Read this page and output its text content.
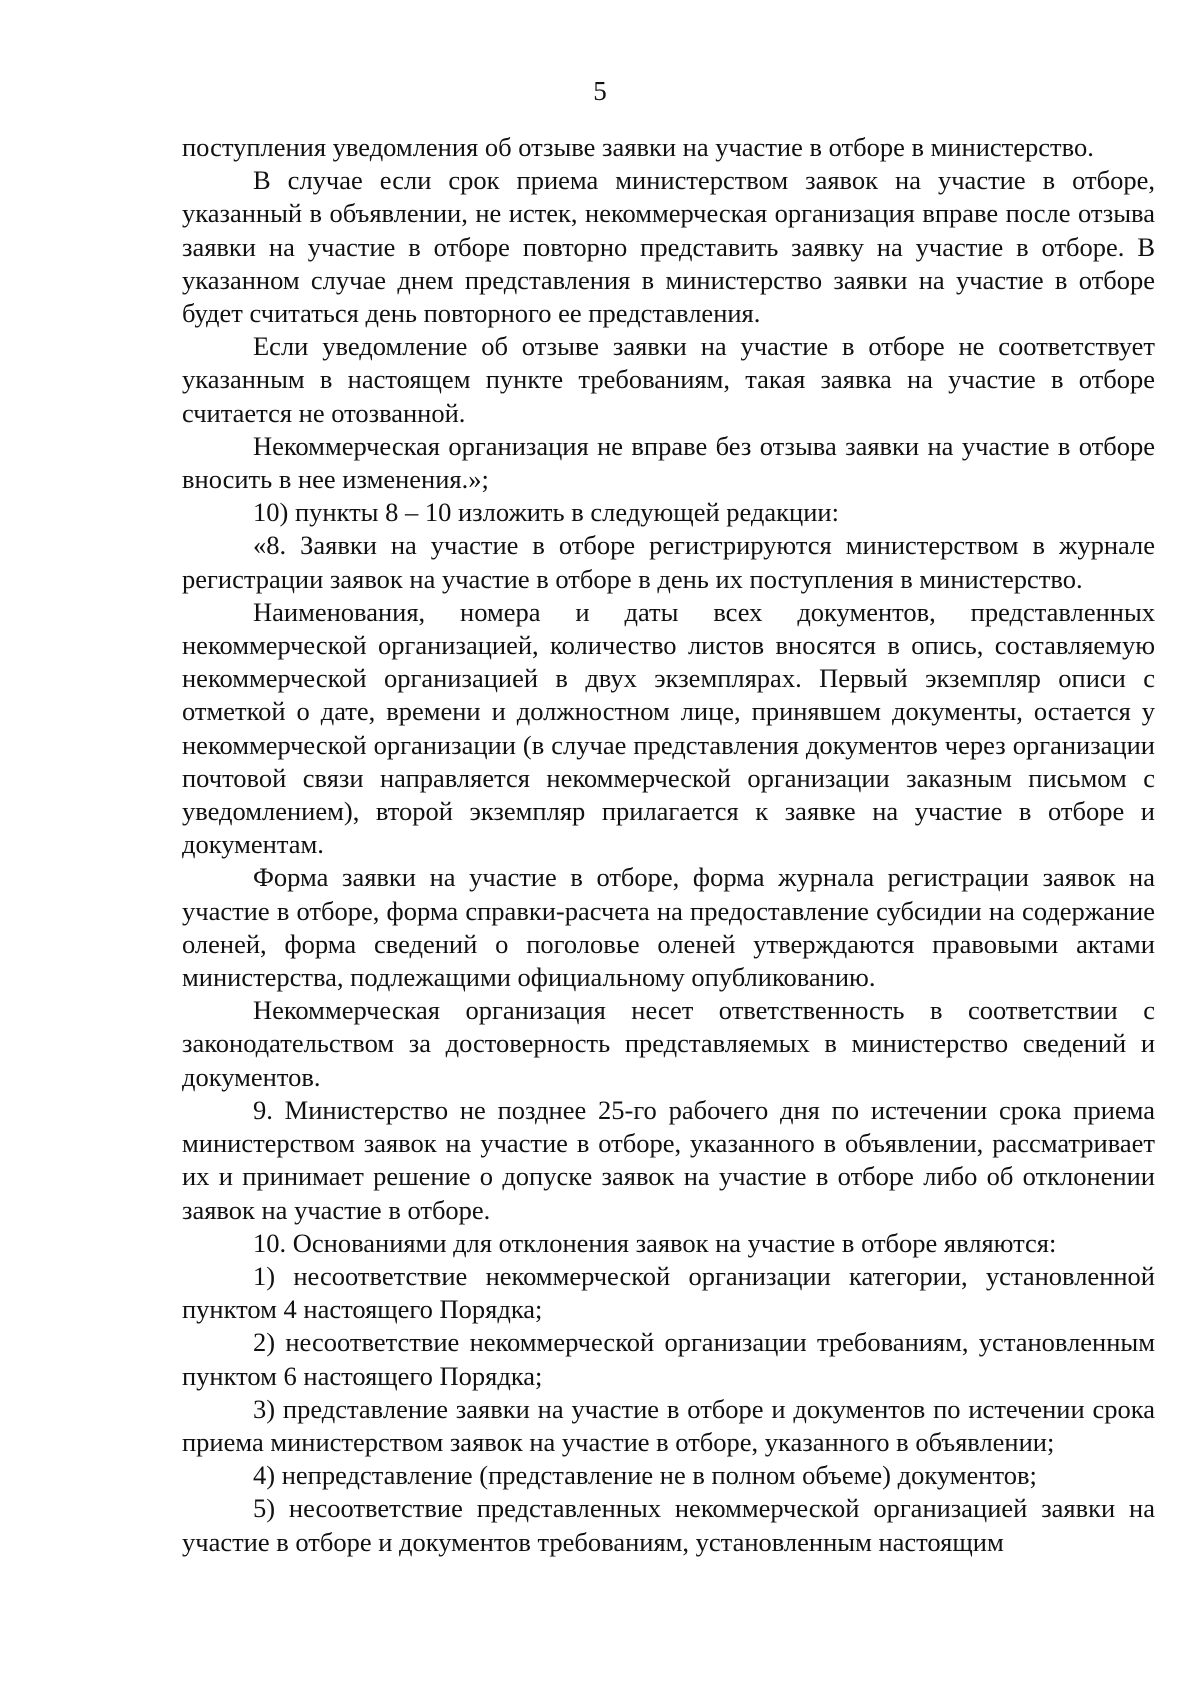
5

поступления уведомления об отзыве заявки на участие в отборе в министерство.

В случае если срок приема министерством заявок на участие в отборе, указанный в объявлении, не истек, некоммерческая организация вправе после отзыва заявки на участие в отборе повторно представить заявку на участие в отборе. В указанном случае днем представления в министерство заявки на участие в отборе будет считаться день повторного ее представления.

Если уведомление об отзыве заявки на участие в отборе не соответствует указанным в настоящем пункте требованиям, такая заявка на участие в отборе считается не отозванной.

Некоммерческая организация не вправе без отзыва заявки на участие в отборе вносить в нее изменения.»;

10) пункты 8 – 10 изложить в следующей редакции:

«8. Заявки на участие в отборе регистрируются министерством в журнале регистрации заявок на участие в отборе в день их поступления в министерство.

Наименования, номера и даты всех документов, представленных некоммерческой организацией, количество листов вносятся в опись, составляемую некоммерческой организацией в двух экземплярах. Первый экземпляр описи с отметкой о дате, времени и должностном лице, принявшем документы, остается у некоммерческой организации (в случае представления документов через организации почтовой связи направляется некоммерческой организации заказным письмом с уведомлением), второй экземпляр прилагается к заявке на участие в отборе и документам.

Форма заявки на участие в отборе, форма журнала регистрации заявок на участие в отборе, форма справки-расчета на предоставление субсидии на содержание оленей, форма сведений о поголовье оленей утверждаются правовыми актами министерства, подлежащими официальному опубликованию.

Некоммерческая организация несет ответственность в соответствии с законодательством за достоверность представляемых в министерство сведений и документов.

9. Министерство не позднее 25-го рабочего дня по истечении срока приема министерством заявок на участие в отборе, указанного в объявлении, рассматривает их и принимает решение о допуске заявок на участие в отборе либо об отклонении заявок на участие в отборе.

10. Основаниями для отклонения заявок на участие в отборе являются:

1) несоответствие некоммерческой организации категории, установленной пунктом 4 настоящего Порядка;

2) несоответствие некоммерческой организации требованиям, установленным пунктом 6 настоящего Порядка;

3) представление заявки на участие в отборе и документов по истечении срока приема министерством заявок на участие в отборе, указанного в объявлении;

4) непредставление (представление не в полном объеме) документов;

5) несоответствие представленных некоммерческой организацией заявки на участие в отборе и документов требованиям, установленным настоящим
